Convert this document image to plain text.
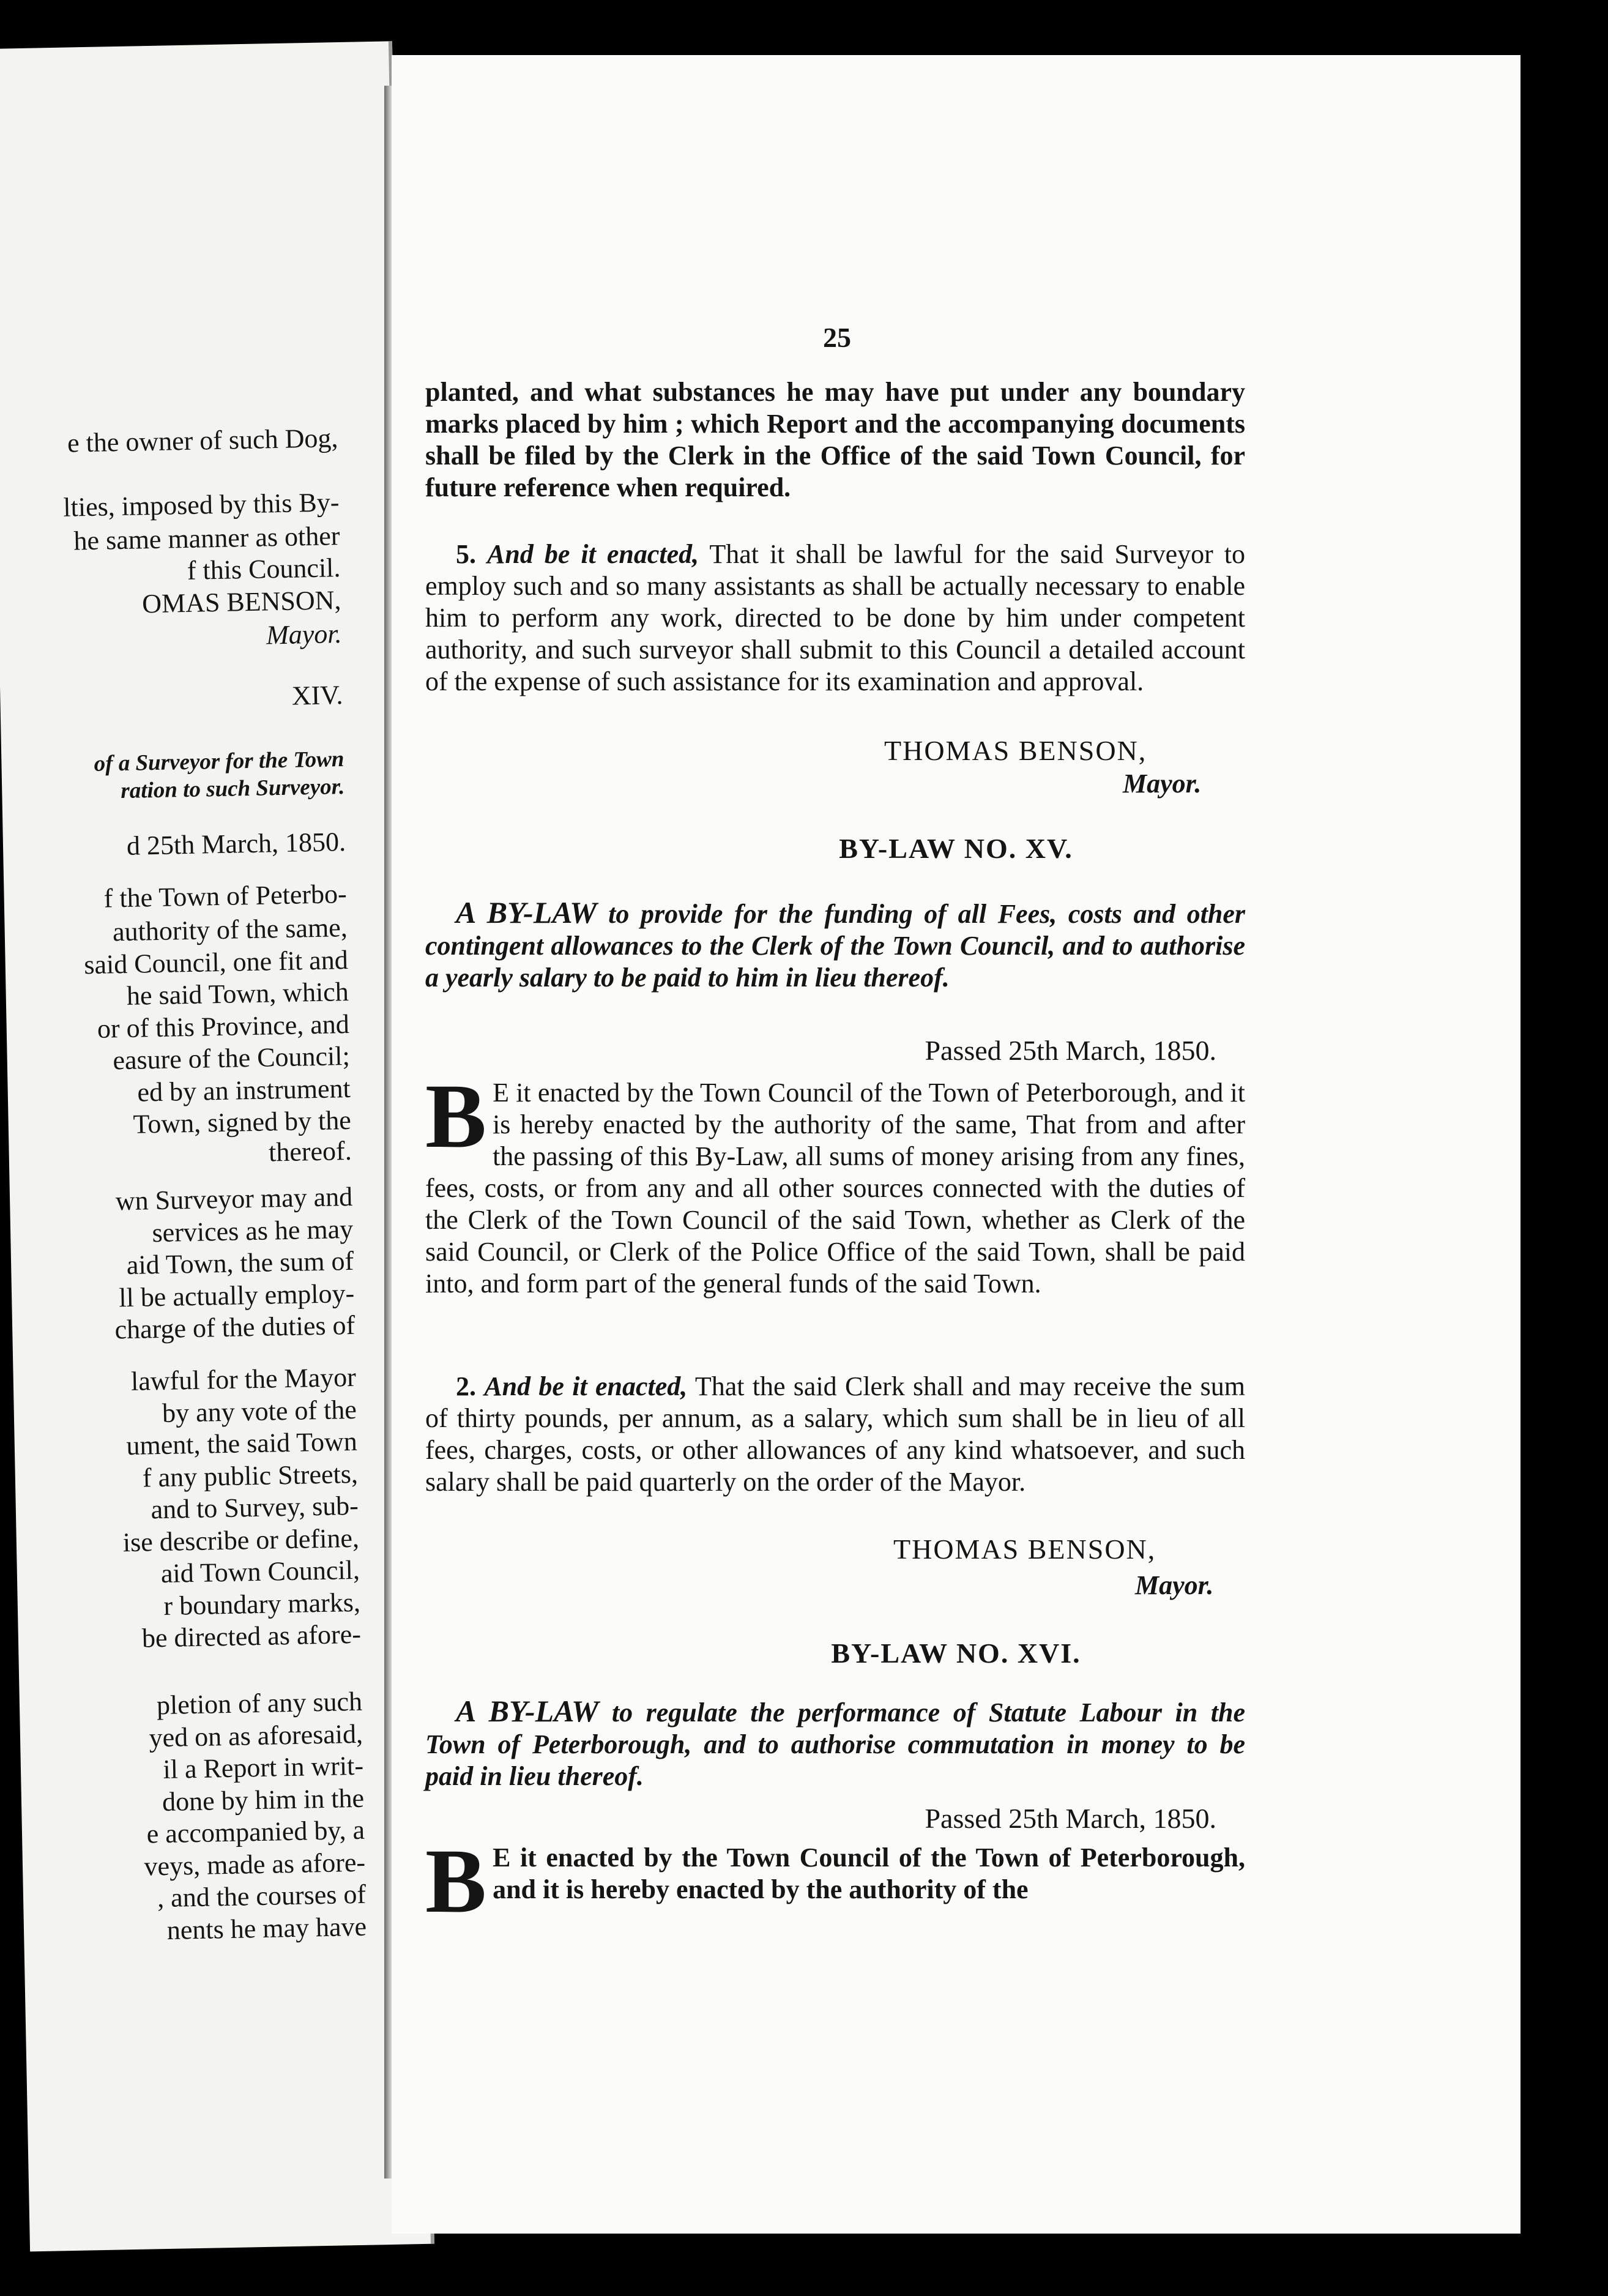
e the owner of such Dog,
lties, imposed by this By-
he same manner as other
f this Council.
OMAS BENSON,
Mayor.
XIV.
of a Surveyor for the Town
ration to such Surveyor.
d 25th March, 1850.
f the Town of Peterbo-
authority of the same,
said Council, one fit and
he said Town, which
or of this Province, and
easure of the Council;
ed by an instrument
Town, signed by the
thereof.
wn Surveyor may and
services as he may
aid Town, the sum of
ll be actually employ-
charge of the duties of
lawful for the Mayor
by any vote of the
ument, the said Town
f any public Streets,
and to Survey, sub-
ise describe or define,
aid Town Council,
r boundary marks,
be directed as afore-
pletion of any such
yed on as aforesaid,
il a Report in writ-
done by him in the
e accompanied by, a
veys, made as afore-
, and the courses of
nents he may have
25
planted, and what substances he may have put under any boundary marks placed by him ; which Report and the accompanying documents shall be filed by the Clerk in the Office of the said Town Council, for future reference when required.
5. And be it enacted, That it shall be lawful for the said Surveyor to employ such and so many assistants as shall be actually necessary to enable him to perform any work, directed to be done by him under competent authority, and such surveyor shall submit to this Council a detailed account of the expense of such assistance for its examination and approval.
THOMAS BENSON,
Mayor.
BY-LAW NO. XV.
A BY-LAW to provide for the funding of all Fees, costs and other contingent allowances to the Clerk of the Town Council, and to authorise a yearly salary to be paid to him in lieu thereof.
Passed 25th March, 1850.
B E it enacted by the Town Council of the Town of Peterborough, and it is hereby enacted by the authority of the same, That from and after the passing of this By-Law, all sums of money arising from any fines, fees, costs, or from any and all other sources connected with the duties of the Clerk of the Town Council of the said Town, whether as Clerk of the said Council, or Clerk of the Police Office of the said Town, shall be paid into, and form part of the general funds of the said Town.
2. And be it enacted, That the said Clerk shall and may receive the sum of thirty pounds, per annum, as a salary, which sum shall be in lieu of all fees, charges, costs, or other allowances of any kind whatsoever, and such salary shall be paid quarterly on the order of the Mayor.
THOMAS BENSON,
Mayor.
BY-LAW NO. XVI.
A BY-LAW to regulate the performance of Statute Labour in the Town of Peterborough, and to authorise commutation in money to be paid in lieu thereof.
Passed 25th March, 1850.
B E it enacted by the Town Council of the Town of Peterborough, and it is hereby enacted by the authority of the
